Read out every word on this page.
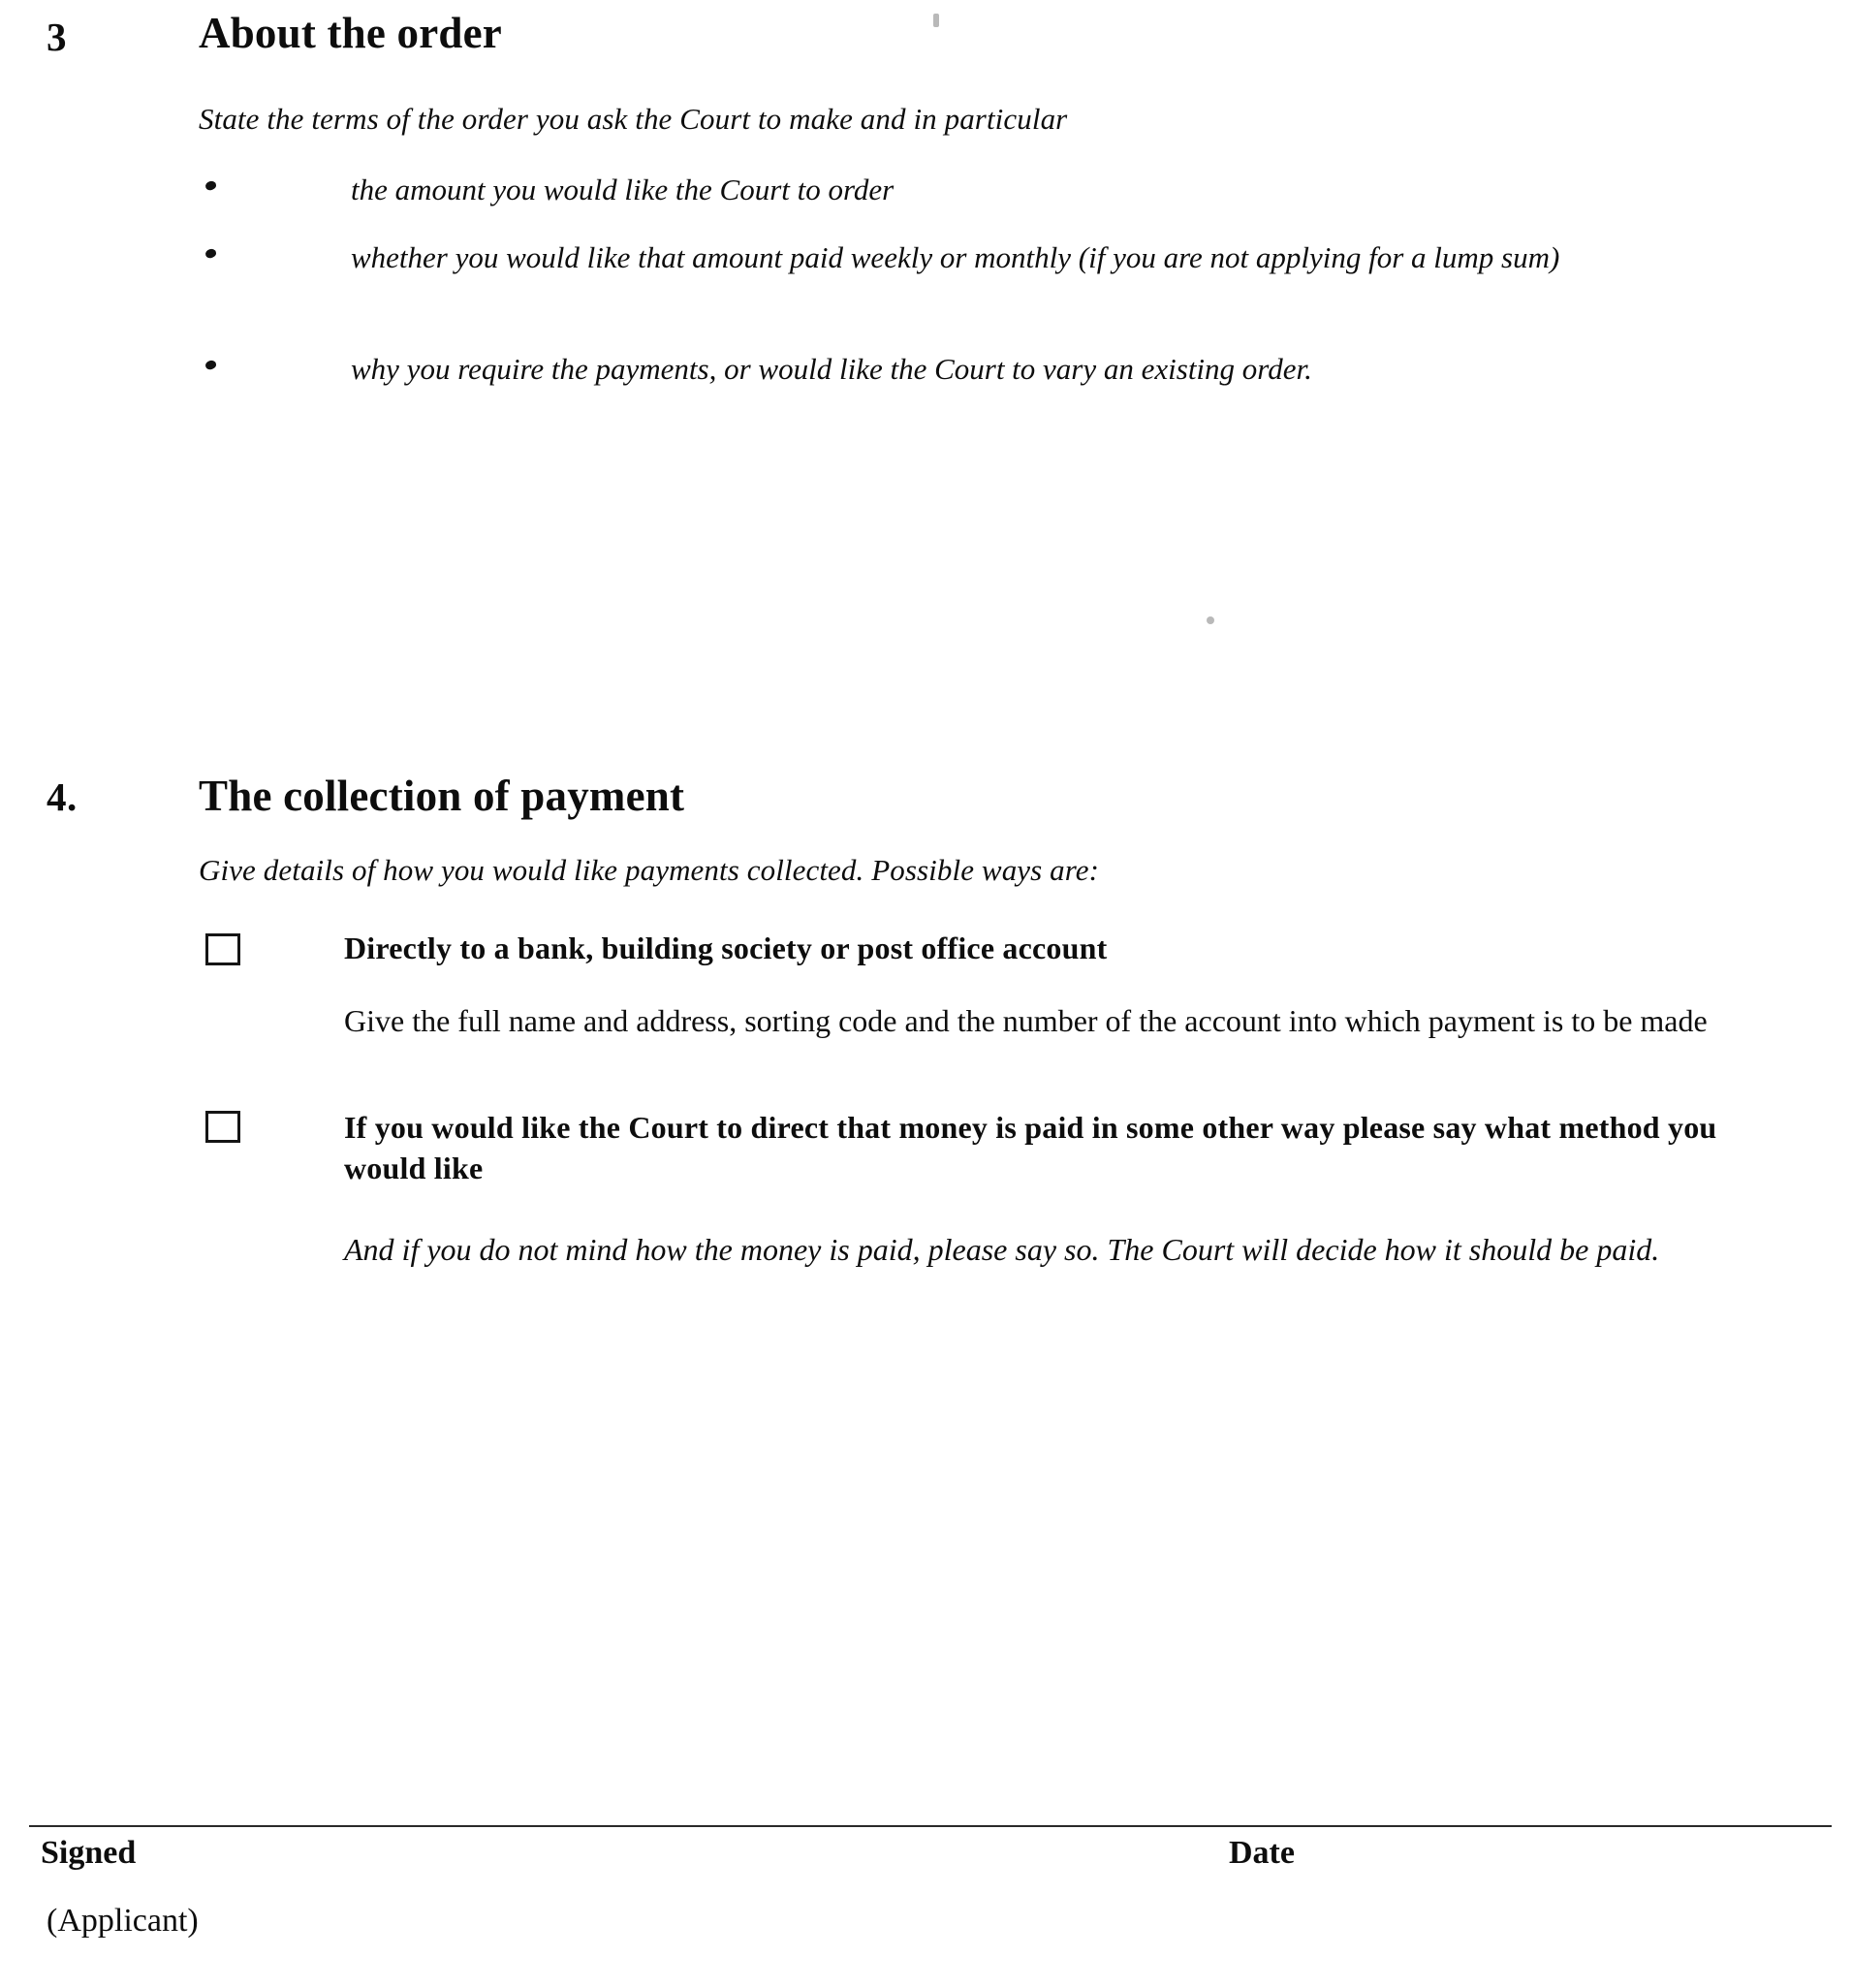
3	About the order
State the terms of the order you ask the Court to make and in particular
the amount you would like the Court to order
whether you would like that amount paid weekly or monthly (if you are not applying for a lump sum)
why you require the payments, or would like the Court to vary an existing order.
4.	The collection of payment
Give details of how you would like payments collected. Possible ways are:
Directly to a bank, building society or post office account
Give the full name and address, sorting code and the number of the account into which payment is to be made
If you would like the Court to direct that money is paid in some other way please say what method you would like
And if you do not mind how the money is paid, please say so. The Court will decide how it should be paid.
Signed	Date
(Applicant)
